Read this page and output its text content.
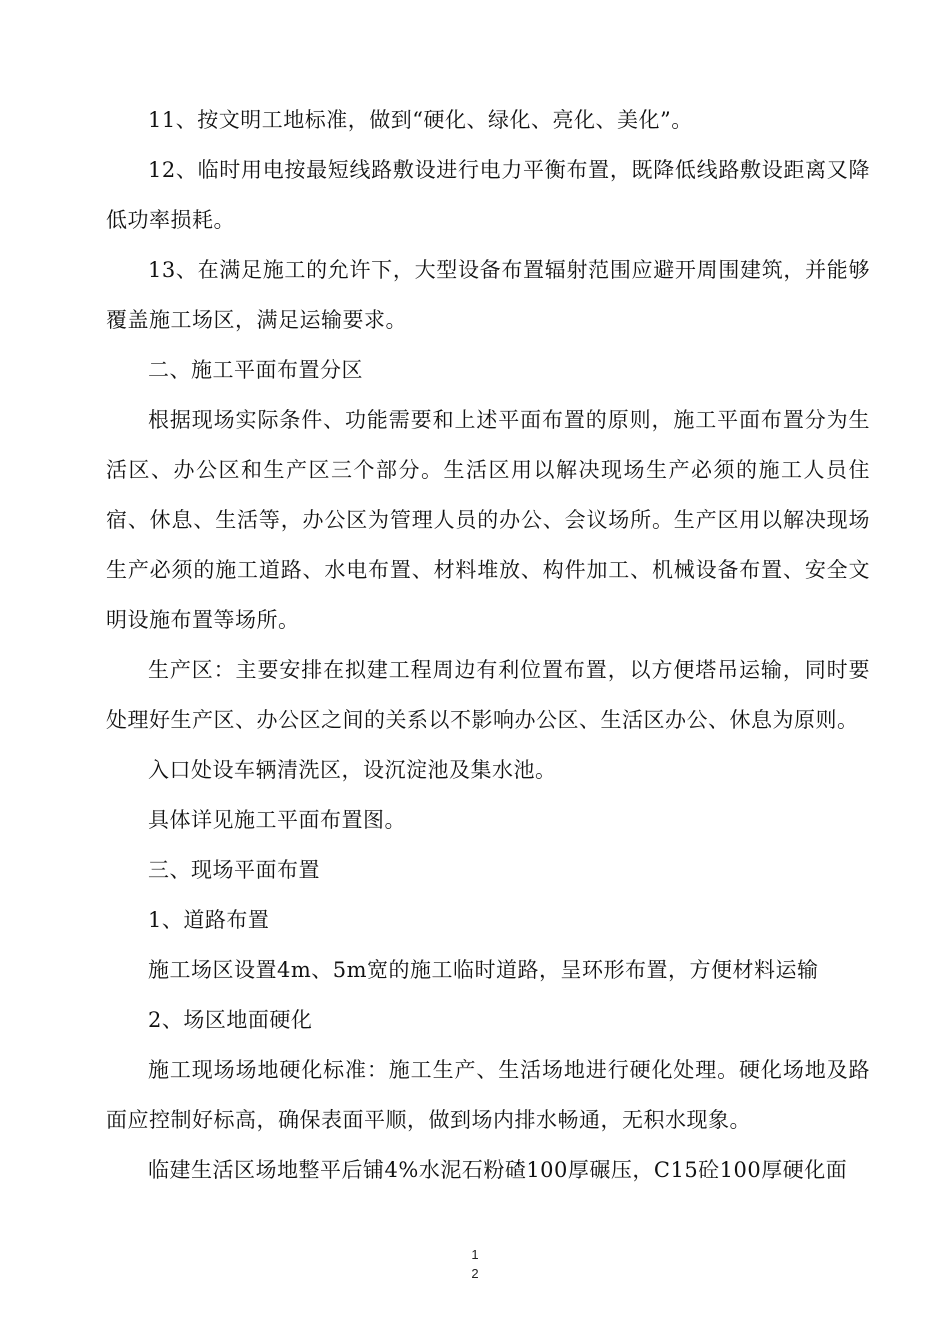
11、按文明工地标准，做到“硬化、绿化、亮化、美化”。

12、临时用电按最短线路敷设进行电力平衡布置，既降低线路敷设距离又降低功率损耗。

13、在满足施工的允许下，大型设备布置辐射范围应避开周围建筑，并能够覆盖施工场区，满足运输要求。

二、施工平面布置分区

根据现场实际条件、功能需要和上述平面布置的原则，施工平面布置分为生活区、办公区和生产区三个部分。生活区用以解决现场生产必须的施工人员住宿、休息、生活等，办公区为管理人员的办公、会议场所。生产区用以解决现场生产必须的施工道路、水电布置、材料堆放、构件加工、机械设备布置、安全文明设施布置等场所。

生产区：主要安排在拟建工程周边有利位置布置，以方便塔吊运输，同时要处理好生产区、办公区之间的关系以不影响办公区、生活区办公、休息为原则。

入口处设车辆清洗区，设沉淀池及集水池。

具体详见施工平面布置图。

三、现场平面布置

1、道路布置

施工场区设置4m、5m宽的施工临时道路，呈环形布置，方便材料运输

2、场区地面硬化

施工现场场地硬化标准：施工生产、生活场地进行硬化处理。硬化场地及路面应控制好标高，确保表面平顺，做到场内排水畅通，无积水现象。

临建生活区场地整平后铺4%水泥石粉碴100厚碾压，C15砼100厚硬化面

1
2
